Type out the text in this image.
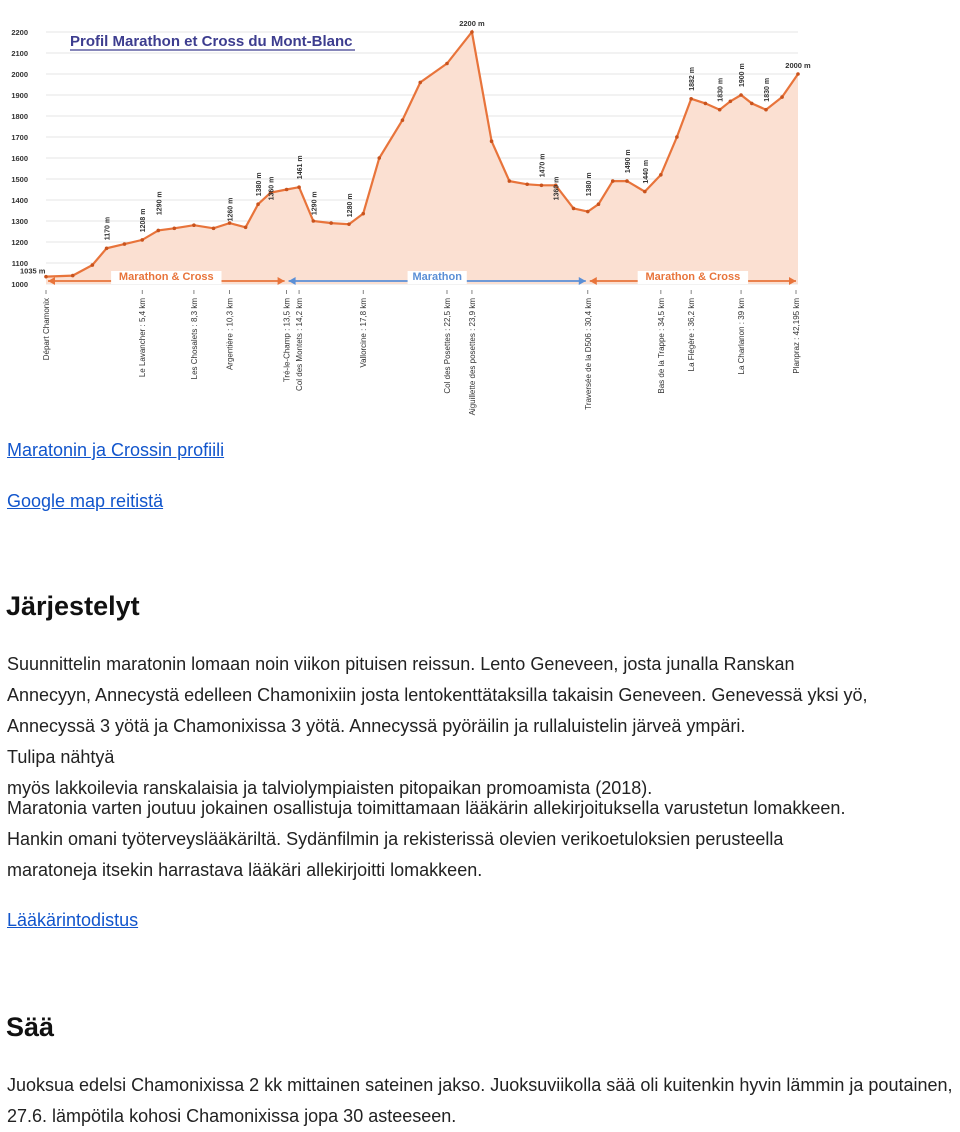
1000
1100
1200
1300
1400
1500
1600
1700
1800
1900
2000
2100
2200
1035 m
1170 m	1208 m
1290 m	1260 m
1380 m 1360 m
1461 m
1290 m	1280 m
2200 m
1470 m
1360 m	1380 m
1490 m 1440 m
1882 m	1830 m
1900 m
1830 m
2000 m
Marathon & Cross	Marathon	Marathon & Cross
Départ Chamonix	Le Lavancher : 5,4 km	Les Chosalets : 8,3 km	Argentière : 10,3 km	Tré-le-Champ : 13,5 km Col des Montets : 14,2 km	Vallorcine : 17,8 km	Col des Posettes : 22,5 km Aiguillette des posettes : 23,9 km	Traversée de la D506 : 30,4 km	Bas de la Trappe : 34,5 km	La Flégère : 36,2 km	La Charlanon : 39 km	Planpraz : 42,195 km
Profil Marathon et Cross du Mont-Blanc
Maratonin ja Crossin profiili
Google map reitistä
Järjestelyt

Suunnittelin maratonin lomaan noin viikon pituisen reissun. Lento Geneveen, josta junalla Ranskan
Annecyyn, Annecystä edelleen Chamonixiin josta lentokenttätaksilla takaisin Geneveen. Genevessä yksi yö,
Annecyssä 3 yötä ja Chamonixissa 3 yötä. Annecyssä pyöräilin ja rullaluistelin järveä ympäri.
Tulipa nähtyä
myös lakkoilevia ranskalaisia ja talviolympiaisten pitopaikan promoamista (2018).

Maratonia varten joutuu jokainen osallistuja toimittamaan lääkärin allekirjoituksella varustetun lomakkeen.
Hankin omani työterveyslääkäriltä. Sydänfilmin ja rekisterissä olevien verikoetuloksien perusteella
maratoneja itsekin harrastava lääkäri allekirjoitti lomakkeen.

Lääkärintodistus
Sää

Juoksua edelsi Chamonixissa 2 kk mittainen sateinen jakso. Juoksuviikolla sää oli kuitenkin hyvin lämmin ja poutainen, 27.6. lämpötila kohosi Chamonixissa jopa 30 asteeseen.
